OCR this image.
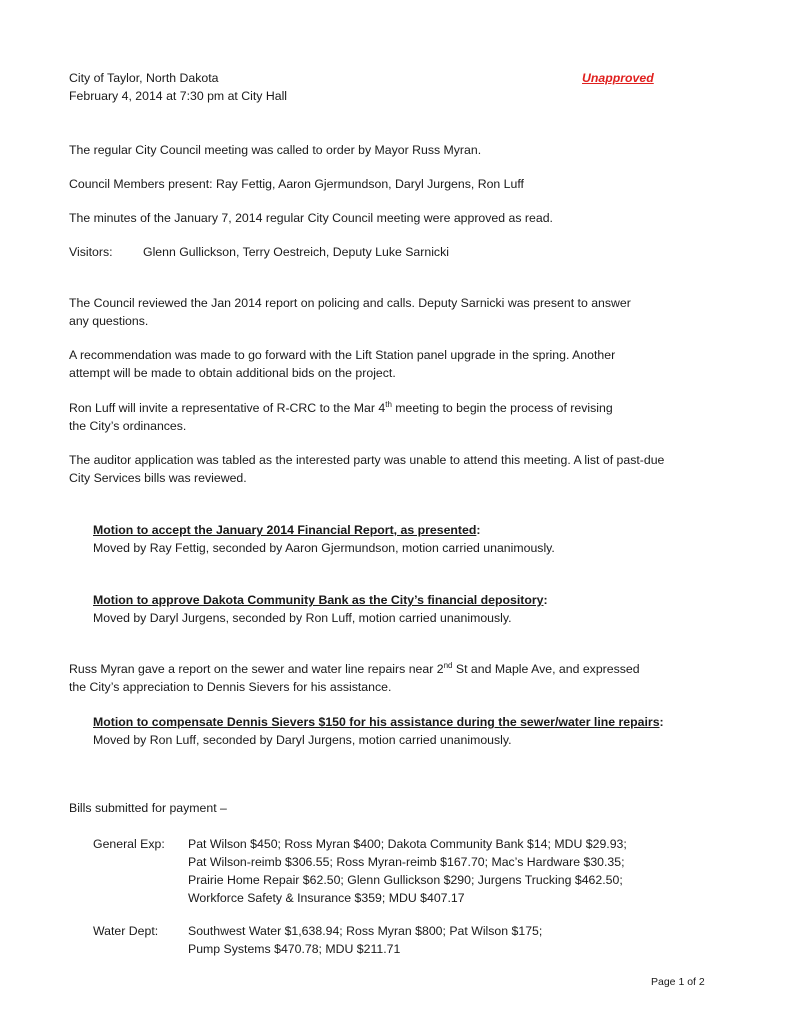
City of Taylor, North Dakota	Unapproved
February 4, 2014 at 7:30 pm at City Hall
The regular City Council meeting was called to order by Mayor Russ Myran.
Council Members present: Ray Fettig, Aaron Gjermundson, Daryl Jurgens, Ron Luff
The minutes of the January 7, 2014 regular City Council meeting were approved as read.
Visitors: Glenn Gullickson, Terry Oestreich, Deputy Luke Sarnicki
The Council reviewed the Jan 2014 report on policing and calls. Deputy Sarnicki was present to answer
any questions.
A recommendation was made to go forward with the Lift Station panel upgrade in the spring. Another
attempt will be made to obtain additional bids on the project.
Ron Luff will invite a representative of R-CRC to the Mar 4th meeting to begin the process of revising
the City’s ordinances.
The auditor application was tabled as the interested party was unable to attend this meeting. A list of past-due
City Services bills was reviewed.
Motion to accept the January 2014 Financial Report, as presented:
Moved by Ray Fettig, seconded by Aaron Gjermundson, motion carried unanimously.
Motion to approve Dakota Community Bank as the City’s financial depository:
Moved by Daryl Jurgens, seconded by Ron Luff, motion carried unanimously.
Russ Myran gave a report on the sewer and water line repairs near 2nd St and Maple Ave, and expressed
the City’s appreciation to Dennis Sievers for his assistance.
Motion to compensate Dennis Sievers $150 for his assistance during the sewer/water line repairs:
Moved by Ron Luff, seconded by Daryl Jurgens, motion carried unanimously.
Bills submitted for payment –
General Exp: Pat Wilson $450; Ross Myran $400; Dakota Community Bank $14; MDU $29.93;
Pat Wilson-reimb $306.55; Ross Myran-reimb $167.70; Mac’s Hardware $30.35;
Prairie Home Repair $62.50; Glenn Gullickson $290; Jurgens Trucking $462.50;
Workforce Safety & Insurance $359; MDU $407.17
Water Dept: Southwest Water $1,638.94; Ross Myran $800; Pat Wilson $175;
Pump Systems $470.78; MDU $211.71
Page 1 of 2
